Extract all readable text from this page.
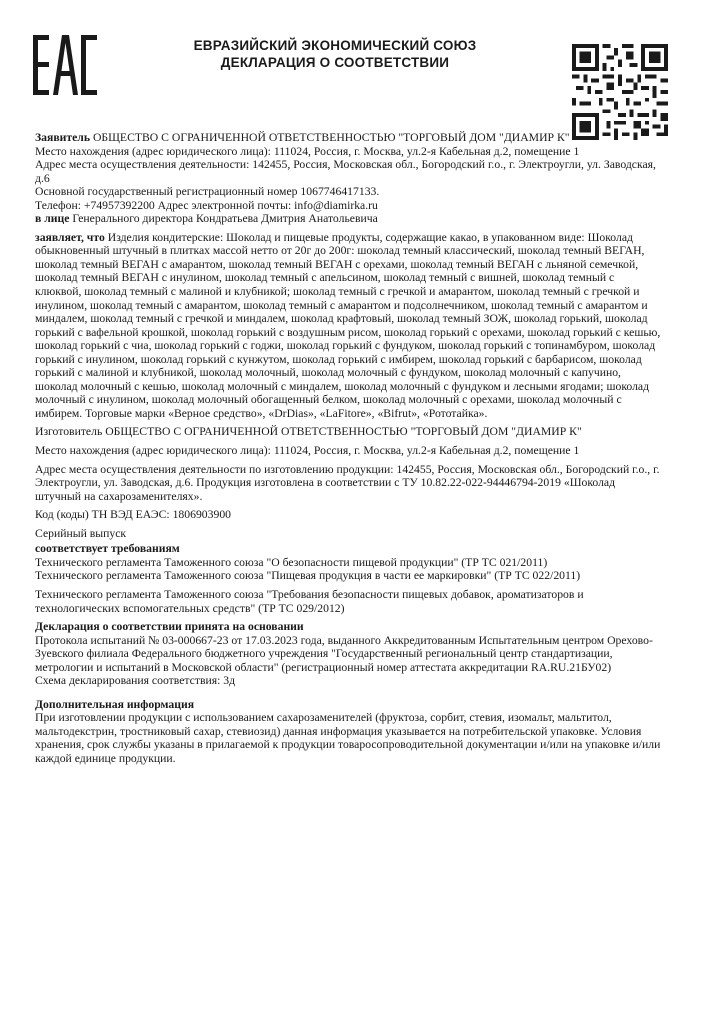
ЕВРАЗИЙСКИЙ ЭКОНОМИЧЕСКИЙ СОЮЗ
ДЕКЛАРАЦИЯ О СООТВЕТСТВИИ

Заявитель ОБЩЕСТВО С ОГРАНИЧЕННОЙ ОТВЕТСТВЕННОСТЬЮ "ТОРГОВЫЙ ДОМ "ДИАМИР К"

Место нахождения (адрес юридического лица): 111024, Россия, г. Москва, ул.2-я Кабельная д.2, помещение 1

Адрес места осуществления деятельности: 142455, Россия, Московская обл., Богородский г.о., г. Электроугли, ул. Заводская, д.6

Основной государственный регистрационный номер 1067746417133.

Телефон: +74957392200 Адрес электронной почты: info@diamirka.ru

в лице Генерального директора Кондратьева Дмитрия Анатольевича

заявляет, что Изделия кондитерские: Шоколад и пищевые продукты, содержащие какао, в упакованном виде: Шоколад обыкновенный штучный в плитках массой нетто от 20г до 200г: шоколад темный классический, шоколад темный ВЕГАН, шоколад темный ВЕГАН с амарантом, шоколад темный ВЕГАН с орехами, шоколад темный ВЕГАН с льняной семечкой, шоколад темный ВЕГАН с инулином, шоколад темный с апельсином, шоколад темный с вишней, шоколад темный с клюквой, шоколад темный с малиной и клубникой; шоколад темный с гречкой и амарантом, шоколад темный с гречкой и инулином, шоколад темный с амарантом, шоколад темный с амарантом и подсолнечником, шоколад темный с амарантом и миндалем, шоколад темный с гречкой и миндалем, шоколад крафтовый, шоколад темный ЗОЖ, шоколад горький, шоколад горький с вафельной крошкой, шоколад горький с воздушным рисом, шоколад горький с орехами, шоколад горький с кешью, шоколад горький с чиа, шоколад горький с годжи, шоколад горький с фундуком, шоколад горький с топинамбуром, шоколад горький с инулином, шоколад горький с кунжутом, шоколад горький с имбирем, шоколад горький с барбарисом, шоколад горький с малиной и клубникой, шоколад молочный, шоколад молочный с фундуком, шоколад молочный с капучино, шоколад молочный с кешью, шоколад молочный с миндалем, шоколад молочный с фундуком и лесными ягодами; шоколад молочный с инулином, шоколад молочный обогащенный белком, шоколад молочный с орехами, шоколад молочный с имбирем. Торговые марки «Верное средство», «DrDias», «LaFitore», «Bifrut», «Рототайка».

Изготовитель ОБЩЕСТВО С ОГРАНИЧЕННОЙ ОТВЕТСТВЕННОСТЬЮ "ТОРГОВЫЙ ДОМ "ДИАМИР К"

Место нахождения (адрес юридического лица): 111024, Россия, г. Москва, ул.2-я Кабельная д.2, помещение 1

Адрес места осуществления деятельности по изготовлению продукции: 142455, Россия, Московская обл., Богородский г.о., г. Электроугли, ул. Заводская, д.6. Продукция изготовлена в соответствии с ТУ 10.82.22-022-94446794-2019 «Шоколад штучный на сахарозаменителях».

Код (коды) ТН ВЭД ЕАЭС: 1806903900

Серийный выпуск

соответствует требованиям

Технического регламента Таможенного союза "О безопасности пищевой продукции" (ТР ТС 021/2011)

Технического регламента Таможенного союза "Пищевая продукция в части ее маркировки" (ТР ТС 022/2011)

Технического регламента Таможенного союза "Требования безопасности пищевых добавок, ароматизаторов и технологических вспомогательных средств" (ТР ТС 029/2012)

Декларация о соответствии принята на основании

Протокола испытаний № 03-000667-23 от 17.03.2023 года, выданного Аккредитованным Испытательным центром Орехово-Зуевского филиала Федерального бюджетного учреждения "Государственный региональный центр стандартизации, метрологии и испытаний в Московской области" (регистрационный номер аттестата аккредитации RA.RU.21БУ02)

Схема декларирования соответствия: 3д

Дополнительная информация

При изготовлении продукции с использованием сахарозаменителей (фруктоза, сорбит, стевия, изомальт, мальтитол, мальтодекстрин, тростниковый сахар, стевиозид) данная информация указывается на потребительской упаковке. Условия хранения, срок службы указаны в прилагаемой к продукции товаросопроводительной документации и/или на упаковке и/или каждой единице продукции.
